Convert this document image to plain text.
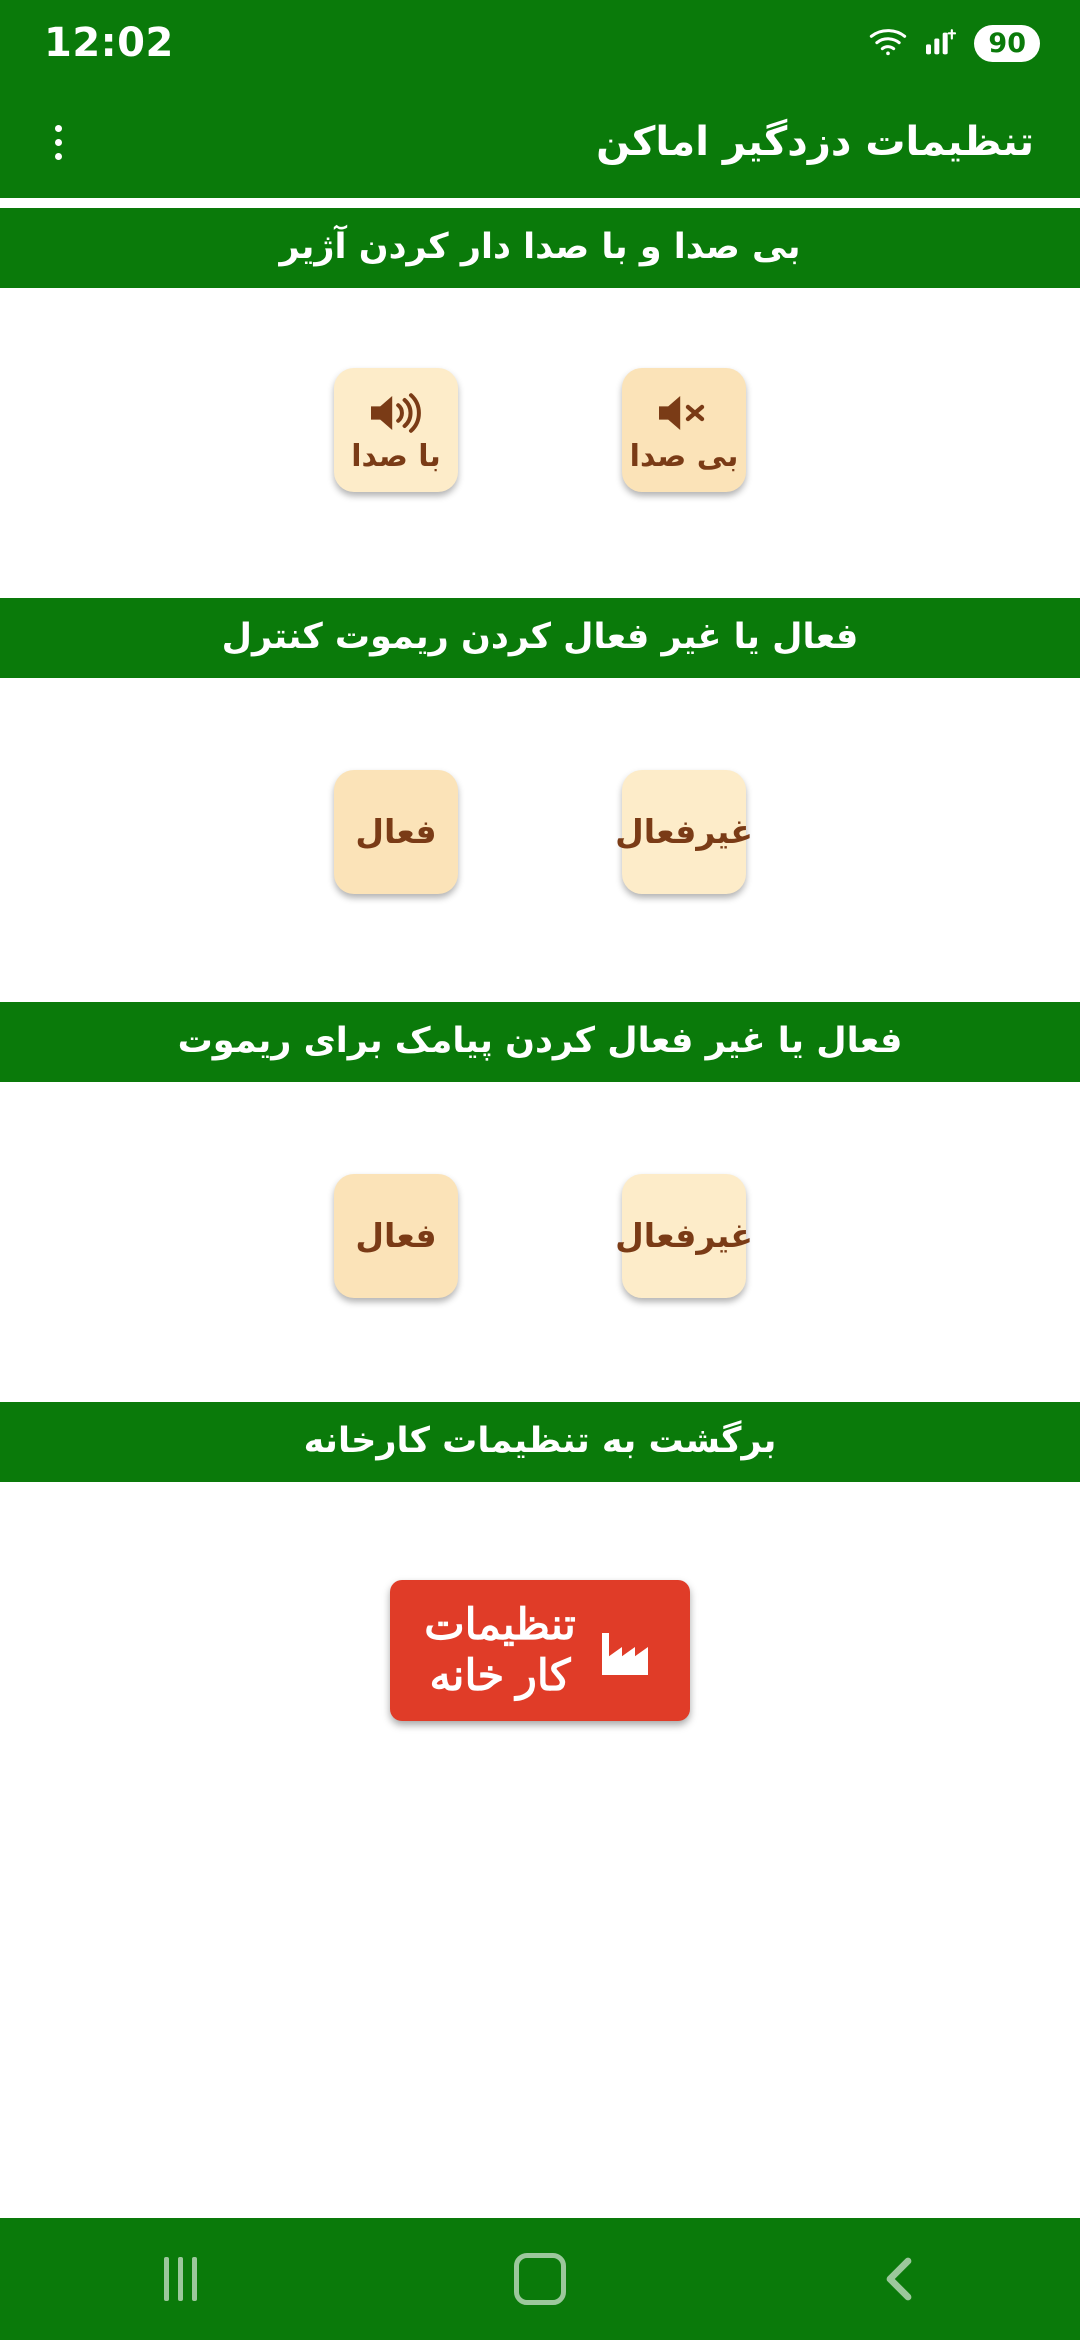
12:02	90
تنظیمات دزدگیر اماکن
بی صدا و با صدا دار کردن آژیر
بی صدا
با صدا
فعال یا غیر فعال کردن ریموت کنترل
غیرفعال
فعال
فعال یا غیر فعال کردن پیامک برای ریموت
غیرفعال
فعال
برگشت به تنظیمات کارخانه
تنظیمات
کار خانه
